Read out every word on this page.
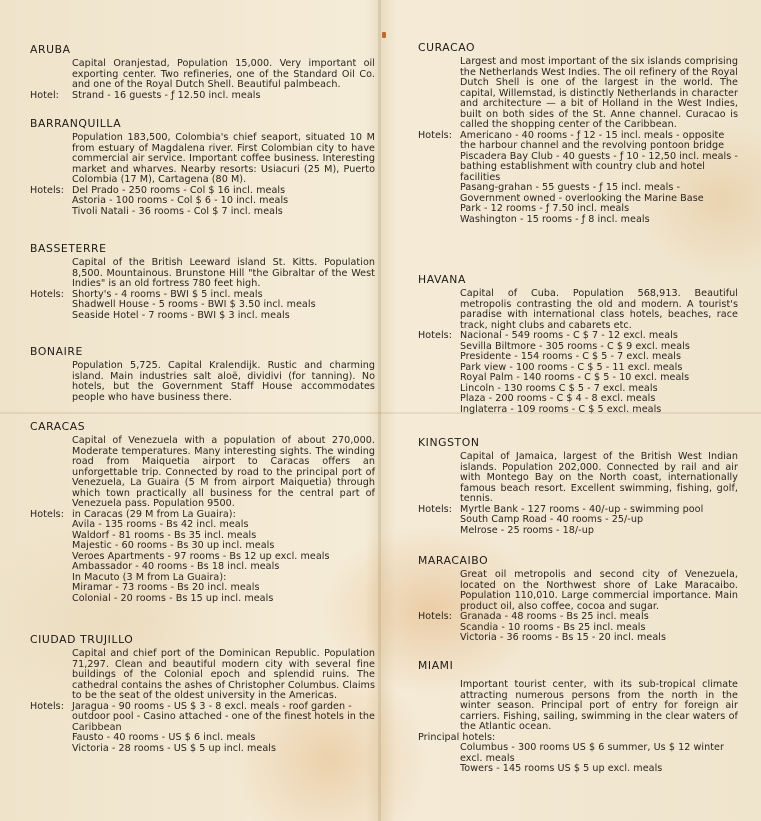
ARUBA
Capital Oranjestad, Population 15,000. Very important oil exporting center. Two refineries, one of the Standard Oil Co. and one of the Royal Dutch Shell. Beautiful palmbeach.
Hotel:	Strand - 16 guests - ƒ 12.50 incl. meals
BARRANQUILLA
Population 183,500, Colombia's chief seaport, situated 10 M from estuary of Magdalena river. First Colombian city to have commercial air service. Important coffee business. Interesting market and wharves. Nearby resorts: Usiacuri (25 M), Puerto Colombia (17 M), Cartagena (80 M).
Hotels: Del Prado - 250 rooms - Col $ 16 incl. meals
Astoria - 100 rooms - Col $ 6 - 10 incl. meals
Tivoli Natali - 36 rooms - Col $ 7 incl. meals
BASSETERRE
Capital of the British Leeward island St. Kitts. Population 8,500. Mountainous. Brunstone Hill "the Gibraltar of the West Indies" is an old fortress 780 feet high.
Hotels: Shorty's - 4 rooms - BWI $ 5 incl. meals
Shadwell House - 5 rooms - BWI $ 3.50 incl. meals
Seaside Hotel - 7 rooms - BWI $ 3 incl. meals
BONAIRE
Population 5,725. Capital Kralendijk. Rustic and charming island. Main industries salt aloë, dividivi (for tanning). No hotels, but the Government Staff House accommodates people who have business there.
CARACAS
Capital of Venezuela with a population of about 270,000. Moderate temperatures. Many interesting sights. The winding road from Maiquetia airport to Caracas offers an unforgettable trip. Connected by road to the principal port of Venezuela, La Guaira (5 M from airport Maiquetia) through which town practically all business for the central part of Venezuela pass. Population 9500.
Hotels: in Caracas (29 M from La Guaira):
Avila - 135 rooms - Bs 42 incl. meals
Waldorf - 81 rooms - Bs 35 incl. meals
Majestic - 60 rooms - Bs 30 up incl. meals
Veroes Apartments - 97 rooms - Bs 12 up excl. meals
Ambassador - 40 rooms - Bs 18 incl. meals
In Macuto (3 M from La Guaira):
Miramar - 73 rooms - Bs 20 incl. meals
Colonial - 20 rooms - Bs 15 up incl. meals
CIUDAD TRUJILLO
Capital and chief port of the Dominican Republic. Population 71,297. Clean and beautiful modern city with several fine buildings of the Colonial epoch and splendid ruins. The cathedral contains the ashes of Christopher Columbus. Claims to be the seat of the oldest university in the Americas.
Hotels: Jaragua - 90 rooms - US $ 3 - 8 excl. meals - roof garden - outdoor pool - Casino attached - one of the finest hotels in the Caribbean
Fausto - 40 rooms - US $ 6 incl. meals
Victoria - 28 rooms - US $ 5 up incl. meals
CURACAO
Largest and most important of the six islands comprising the Netherlands West Indies. The oil refinery of the Royal Dutch Shell is one of the largest in the world. The capital, Willemstad, is distinctly Netherlands in character and architecture — a bit of Holland in the West Indies, built on both sides of the St. Anne channel. Curacao is called the shopping center of the Caribbean.
Hotels: Americano - 40 rooms - ƒ 12 - 15 incl. meals - opposite the harbour channel and the revolving pontoon bridge
Piscadera Bay Club - 40 guests - ƒ 10 - 12,50 incl. meals - bathing establishment with country club and hotel facilities
Pasang-grahan - 55 guests - ƒ 15 incl. meals - Government owned - overlooking the Marine Base
Park - 12 rooms - ƒ 7.50 incl. meals
Washington - 15 rooms - ƒ 8 incl. meals
HAVANA
Capital of Cuba. Population 568,913. Beautiful metropolis contrasting the old and modern. A tourist's paradise with international class hotels, beaches, race track, night clubs and cabarets etc.
Hotels: Nacional - 549 rooms - C $ 7 - 12 excl. meals
Sevilla Biltmore - 305 rooms - C $ 9 excl. meals
Presidente - 154 rooms - C $ 5 - 7 excl. meals
Park view - 100 rooms - C $ 5 - 11 excl. meals
Royal Palm - 140 rooms - C $ 5 - 10 excl. meals
Lincoln - 130 rooms C $ 5 - 7 excl. meals
Plaza - 200 rooms - C $ 4 - 8 excl. meals
Inglaterra - 109 rooms - C $ 5 excl. meals
KINGSTON
Capital of Jamaica, largest of the British West Indian islands. Population 202,000. Connected by rail and air with Montego Bay on the North coast, internationally famous beach resort. Excellent swimming, fishing, golf, tennis.
Hotels: Myrtle Bank - 127 rooms - 40/-up - swimming pool
South Camp Road - 40 rooms - 25/-up
Melrose - 25 rooms - 18/-up
MARACAIBO
Great oil metropolis and second city of Venezuela, located on the Northwest shore of Lake Maracaibo. Population 110,010. Large commercial importance. Main product oil, also coffee, cocoa and sugar.
Hotels: Granada - 48 rooms - Bs 25 incl. meals
Scandia - 10 rooms - Bs 25 incl. meals
Victoria - 36 rooms - Bs 15 - 20 incl. meals
MIAMI
Important tourist center, with its sub-tropical climate attracting numerous persons from the north in the winter season. Principal port of entry for foreign air carriers. Fishing, sailing, swimming in the clear waters of the Atlantic ocean.
Principal hotels:
Columbus - 300 rooms US $ 6 summer, Us $ 12 winter excl. meals
Towers - 145 rooms US $ 5 up excl. meals
